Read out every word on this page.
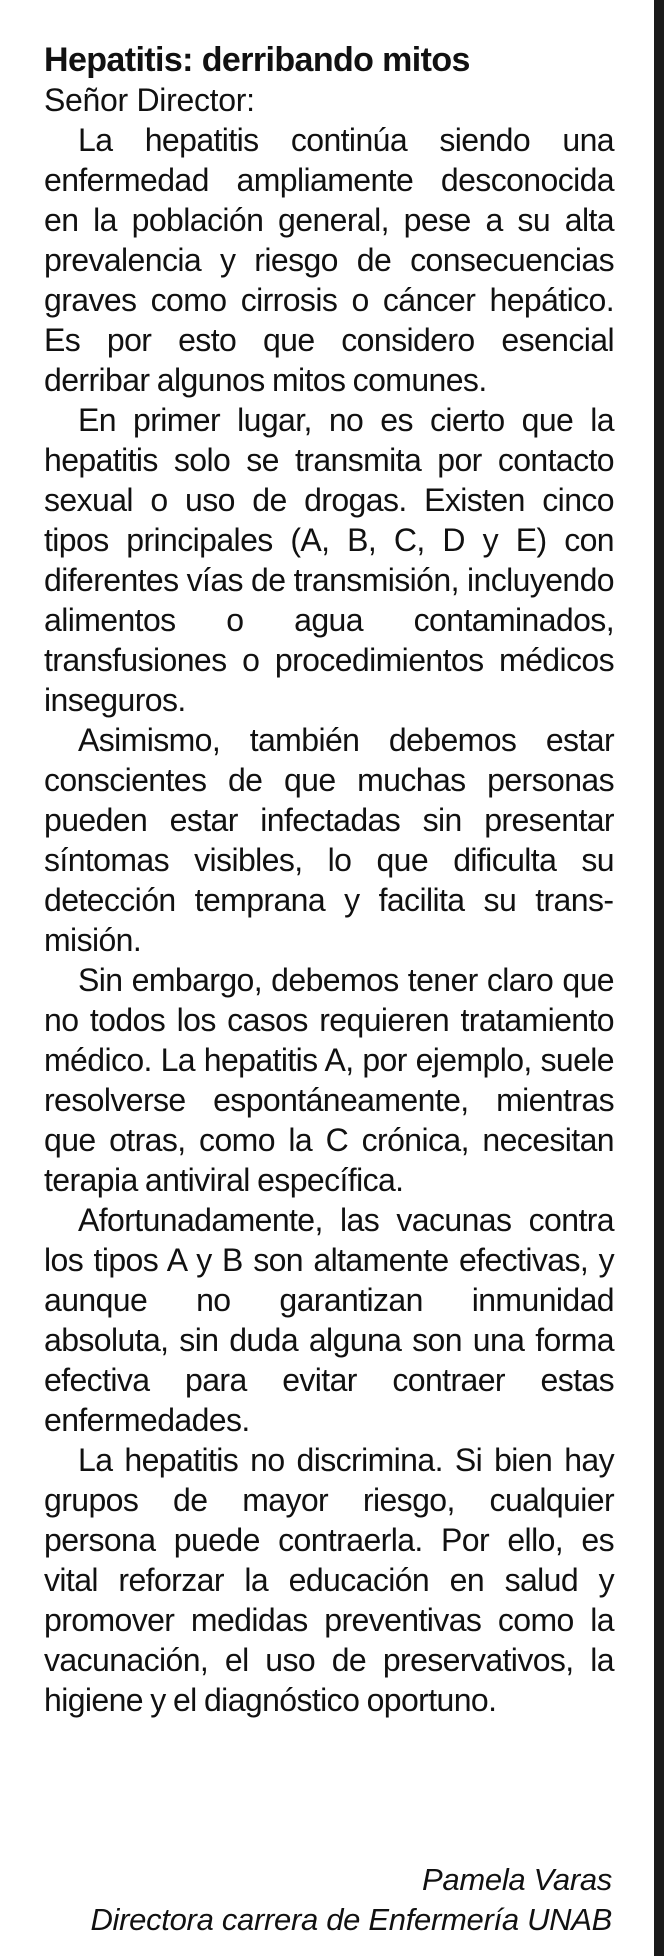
Hepatitis: derribando mitos

Señor Director:

La hepatitis continúa siendo una enfermedad ampliamente desconocida en la población general, pese a su alta prevalencia y riesgo de consecuencias graves como cirrosis o cáncer hepático. Es por esto que considero esencial derribar algunos mitos comunes.

En primer lugar, no es cierto que la hepatitis solo se transmita por contacto sexual o uso de drogas. Existen cinco tipos principales (A, B, C, D y E) con diferentes vías de transmisión, incluyendo alimentos o agua contaminados, transfusiones o procedimientos médicos inseguros.

Asimismo, también debemos estar conscientes de que muchas personas pueden estar infectadas sin presentar síntomas visibles, lo que dificulta su detección temprana y facilita su transmisión.

Sin embargo, debemos tener claro que no todos los casos requieren tratamiento médico. La hepatitis A, por ejemplo, suele resolverse espontáneamente, mientras que otras, como la C crónica, necesitan terapia antiviral específica.

Afortunadamente, las vacunas contra los tipos A y B son altamente efectivas, y aunque no garantizan inmunidad absoluta, sin duda alguna son una forma efectiva para evitar contraer estas enfermedades.

La hepatitis no discrimina. Si bien hay grupos de mayor riesgo, cualquier persona puede contraerla. Por ello, es vital reforzar la educación en salud y promover medidas preventivas como la vacunación, el uso de preservativos, la higiene y el diagnóstico oportuno.

Pamela Varas
Directora carrera de Enfermería UNAB
